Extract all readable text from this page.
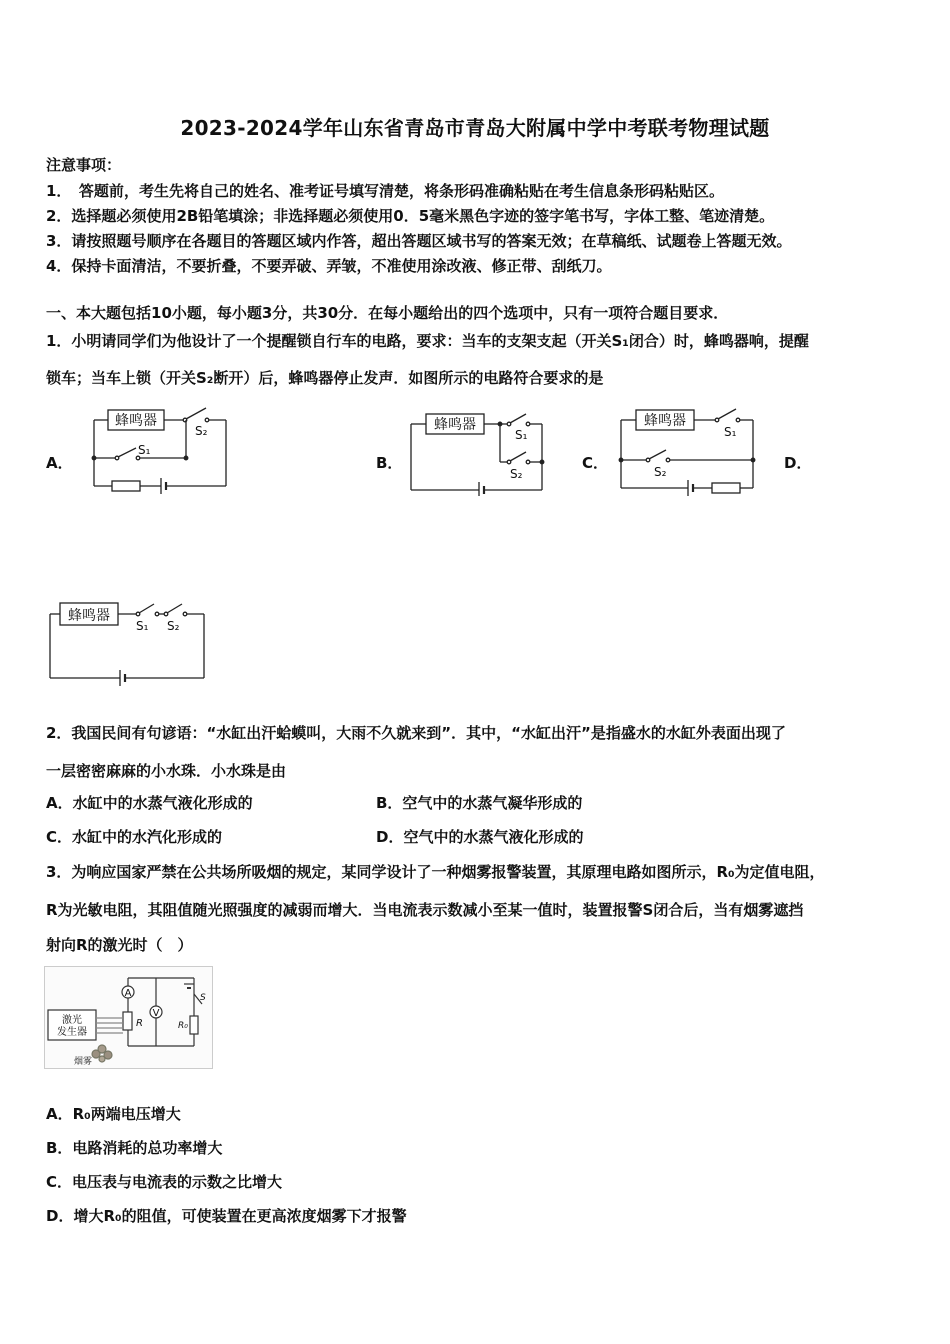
2023-2024学年山东省青岛市青岛大附属中学中考联考物理试题
注意事项：
1．　答题前，考生先将自己的姓名、准考证号填写清楚，将条形码准确粘贴在考生信息条形码粘贴区。
2．选择题必须使用2B铅笔填涂；非选择题必须使用0．5毫米黑色字迹的签字笔书写，字体工整、笔迹清楚。
3．请按照题号顺序在各题目的答题区域内作答，超出答题区域书写的答案无效；在草稿纸、试题卷上答题无效。
4．保持卡面清洁，不要折叠，不要弄破、弄皱，不准使用涂改液、修正带、刮纸刀。
一、本大题包括10小题，每小题3分，共30分．在每小题给出的四个选项中，只有一项符合题目要求．
1．小明请同学们为他设计了一个提醒锁自行车的电路，要求：当车的支架支起（开关S₁闭合）时，蜂鸣器响，提醒
锁车；当车上锁（开关S₂断开）后，蜂鸣器停止发声．如图所示的电路符合要求的是
A．	B．	C．	D．
蜂鸣器
S₂
S₁
蜂鸣器
S₁
S₂
蜂鸣器
S₁
S₂
蜂鸣器
S₁ S₂
2．我国民间有句谚语：“水缸出汗蛤蟆叫，大雨不久就来到”．其中，“水缸出汗”是指盛水的水缸外表面出现了
一层密密麻麻的小水珠．小水珠是由
A．水缸中的水蒸气液化形成的	B．空气中的水蒸气凝华形成的
C．水缸中的水汽化形成的	D．空气中的水蒸气液化形成的
3．为响应国家严禁在公共场所吸烟的规定，某同学设计了一种烟雾报警装置，其原理电路如图所示，R₀为定值电阻，
R为光敏电阻，其阻值随光照强度的减弱而增大．当电流表示数减小至某一值时，装置报警S闭合后，当有烟雾遮挡
射向R的激光时（　）
A
V
R	R₀
S
激光
发生器
烟雾
A．R₀两端电压增大
B．电路消耗的总功率增大
C．电压表与电流表的示数之比增大
D．增大R₀的阻值，可使装置在更高浓度烟雾下才报警
